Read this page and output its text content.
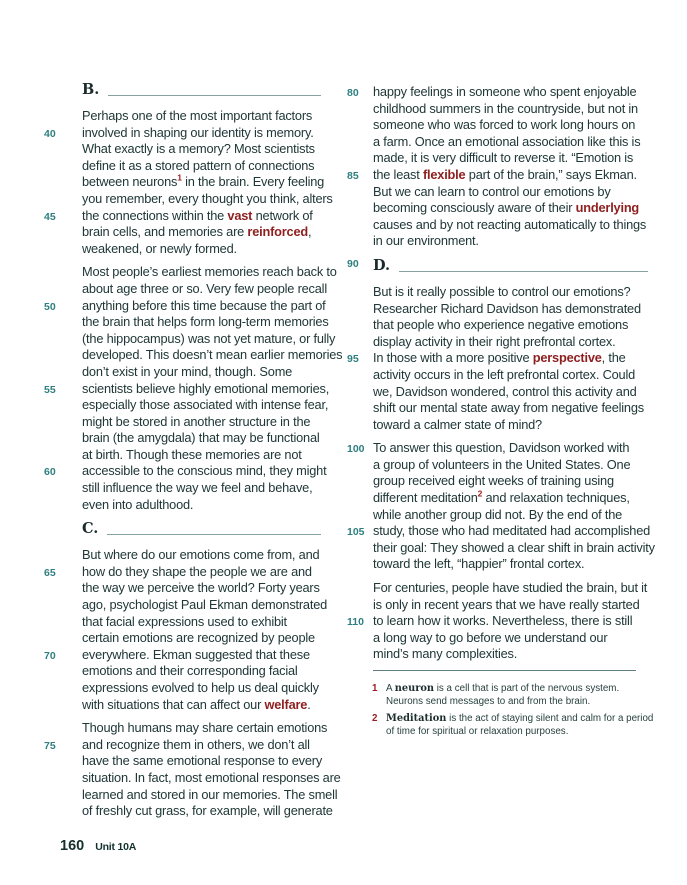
B.
Perhaps one of the most important factors
40 involved in shaping our identity is memory.
What exactly is a memory? Most scientists
define it as a stored pattern of connections
between neurons$^1$ in the brain. Every feeling
you remember, every thought you think, alters
45 the connections within the vast network of
brain cells, and memories are reinforced,
weakened, or newly formed.
Most people’s earliest memories reach back to
about age three or so. Very few people recall
50 anything before this time because the part of
the brain that helps form long-term memories
(the hippocampus) was not yet mature, or fully
developed. This doesn’t mean earlier memories
don’t exist in your mind, though. Some
55 scientists believe highly emotional memories,
especially those associated with intense fear,
might be stored in another structure in the
brain (the amygdala) that may be functional
at birth. Though these memories are not
60 accessible to the conscious mind, they might
still influence the way we feel and behave,
even into adulthood.
C.
But where do our emotions come from, and
65 how do they shape the people we are and
the way we perceive the world? Forty years
ago, psychologist Paul Ekman demonstrated
that facial expressions used to exhibit
certain emotions are recognized by people
70 everywhere. Ekman suggested that these
emotions and their corresponding facial
expressions evolved to help us deal quickly
with situations that can affect our welfare.
Though humans may share certain emotions
75 and recognize them in others, we don’t all
have the same emotional response to every
situation. In fact, most emotional responses are
learned and stored in our memories. The smell
of freshly cut grass, for example, will generate
80 happy feelings in someone who spent enjoyable
childhood summers in the countryside, but not in
someone who was forced to work long hours on
a farm. Once an emotional association like this is
made, it is very difficult to reverse it. “Emotion is
85 the least flexible part of the brain,” says Ekman.
But we can learn to control our emotions by
becoming consciously aware of their underlying
causes and by not reacting automatically to things
in our environment.
90 D.
But is it really possible to control our emotions?
Researcher Richard Davidson has demonstrated
that people who experience negative emotions
display activity in their right prefrontal cortex.
95 In those with a more positive perspective, the
activity occurs in the left prefrontal cortex. Could
we, Davidson wondered, control this activity and
shift our mental state away from negative feelings
toward a calmer state of mind?
100 To answer this question, Davidson worked with
a group of volunteers in the United States. One
group received eight weeks of training using
different meditation$^2$ and relaxation techniques,
while another group did not. By the end of the
105 study, those who had meditated had accomplished
their goal: They showed a clear shift in brain activity
toward the left, “happier” frontal cortex.
For centuries, people have studied the brain, but it
is only in recent years that we have really started
110 to learn how it works. Nevertheless, there is still
a long way to go before we understand our
mind’s many complexities.
1 A neuron is a cell that is part of the nervous system.
Neurons send messages to and from the brain.
2 Meditation is the act of staying silent and calm for a period
of time for spiritual or relaxation purposes.
160 Unit 10A
